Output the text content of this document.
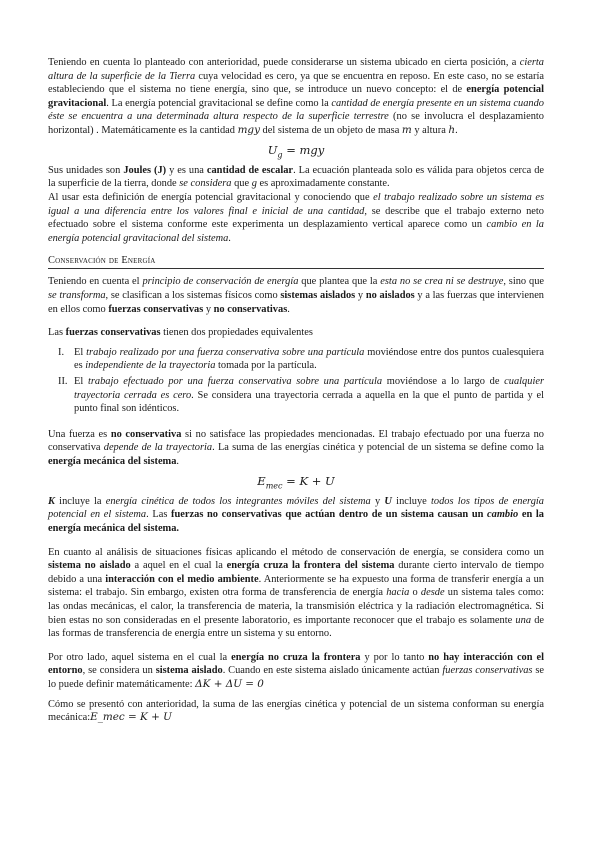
Teniendo en cuenta lo planteado con anterioridad, puede considerarse un sistema ubicado en cierta posición, a cierta altura de la superficie de la Tierra cuya velocidad es cero, ya que se encuentra en reposo. En este caso, no se estaría estableciendo que el sistema no tiene energía, sino que, se introduce un nuevo concepto: el de energía potencial gravitacional. La energía potencial gravitacional se define como la cantidad de energía presente en un sistema cuando éste se encuentra a una determinada altura respecto de la superficie terrestre (no se involucra el desplazamiento horizontal) . Matemáticamente es la cantidad mgy del sistema de un objeto de masa m y altura h.

$U_g$ = mgy

Sus unidades son Joules (J) y es una cantidad de escalar. La ecuación planteada solo es válida para objetos cerca de la superficie de la tierra, donde se considera que g es aproximadamente constante.

Al usar esta definición de energía potencial gravitacional y conociendo que el trabajo realizado sobre un sistema es igual a una diferencia entre los valores final e inicial de una cantidad, se describe que el trabajo externo neto efectuado sobre el sistema conforme este experimenta un desplazamiento vertical aparece como un cambio en la energía potencial gravitacional del sistema.

Conservación de Energía

Teniendo en cuenta el principio de conservación de energía que plantea que la esta no se crea ni se destruye, sino que se transforma, se clasifican a los sistemas físicos como sistemas aislados y no aislados y a las fuerzas que intervienen en ellos como fuerzas conservativas y no conservativas.

Las fuerzas conservativas tienen dos propiedades equivalentes

I. El trabajo realizado por una fuerza conservativa sobre una partícula moviéndose entre dos puntos cualesquiera es independiente de la trayectoria tomada por la partícula.
II. El trabajo efectuado por una fuerza conservativa sobre una partícula moviéndose a lo largo de cualquier trayectoria cerrada es cero. Se considera una trayectoria cerrada a aquella en la que el punto de partida y el punto final son idénticos.

Una fuerza es no conservativa si no satisface las propiedades mencionadas. El trabajo efectuado por una fuerza no conservativa depende de la trayectoria. La suma de las energías cinética y potencial de un sistema se define como la energía mecánica del sistema.

$E_{mec} = K + U$

K incluye la energía cinética de todos los integrantes móviles del sistema y U incluye todos los tipos de energía potencial en el sistema. Las fuerzas no conservativas que actúan dentro de un sistema causan un cambio en la energía mecánica del sistema.

En cuanto al análisis de situaciones físicas aplicando el método de conservación de energía, se considera como un sistema no aislado a aquel en el cual la energía cruza la frontera del sistema durante cierto intervalo de tiempo debido a una interacción con el medio ambiente. Anteriormente se ha expuesto una forma de transferir energía a un sistema: el trabajo. Sin embargo, existen otra forma de transferencia de energía hacia o desde un sistema tales como: las ondas mecánicas, el calor, la transferencia de materia, la transmisión eléctrica y la radiación electromagnética. Si bien estas no son consideradas en el presente laboratorio, es importante reconocer que el trabajo es solamente una de las formas de transferencia de energía entre un sistema y su entorno.

Por otro lado, aquel sistema en el cual la energía no cruza la frontera y por lo tanto no hay interacción con el entorno, se considera un sistema aislado. Cuando en este sistema aislado únicamente actúan fuerzas conservativas se lo puede definir matemáticamente: ΔK + ΔU = 0

Cómo se presentó con anterioridad, la suma de las energías cinética y potencial de un sistema conforman su energía mecánica:E_mec = K + U
